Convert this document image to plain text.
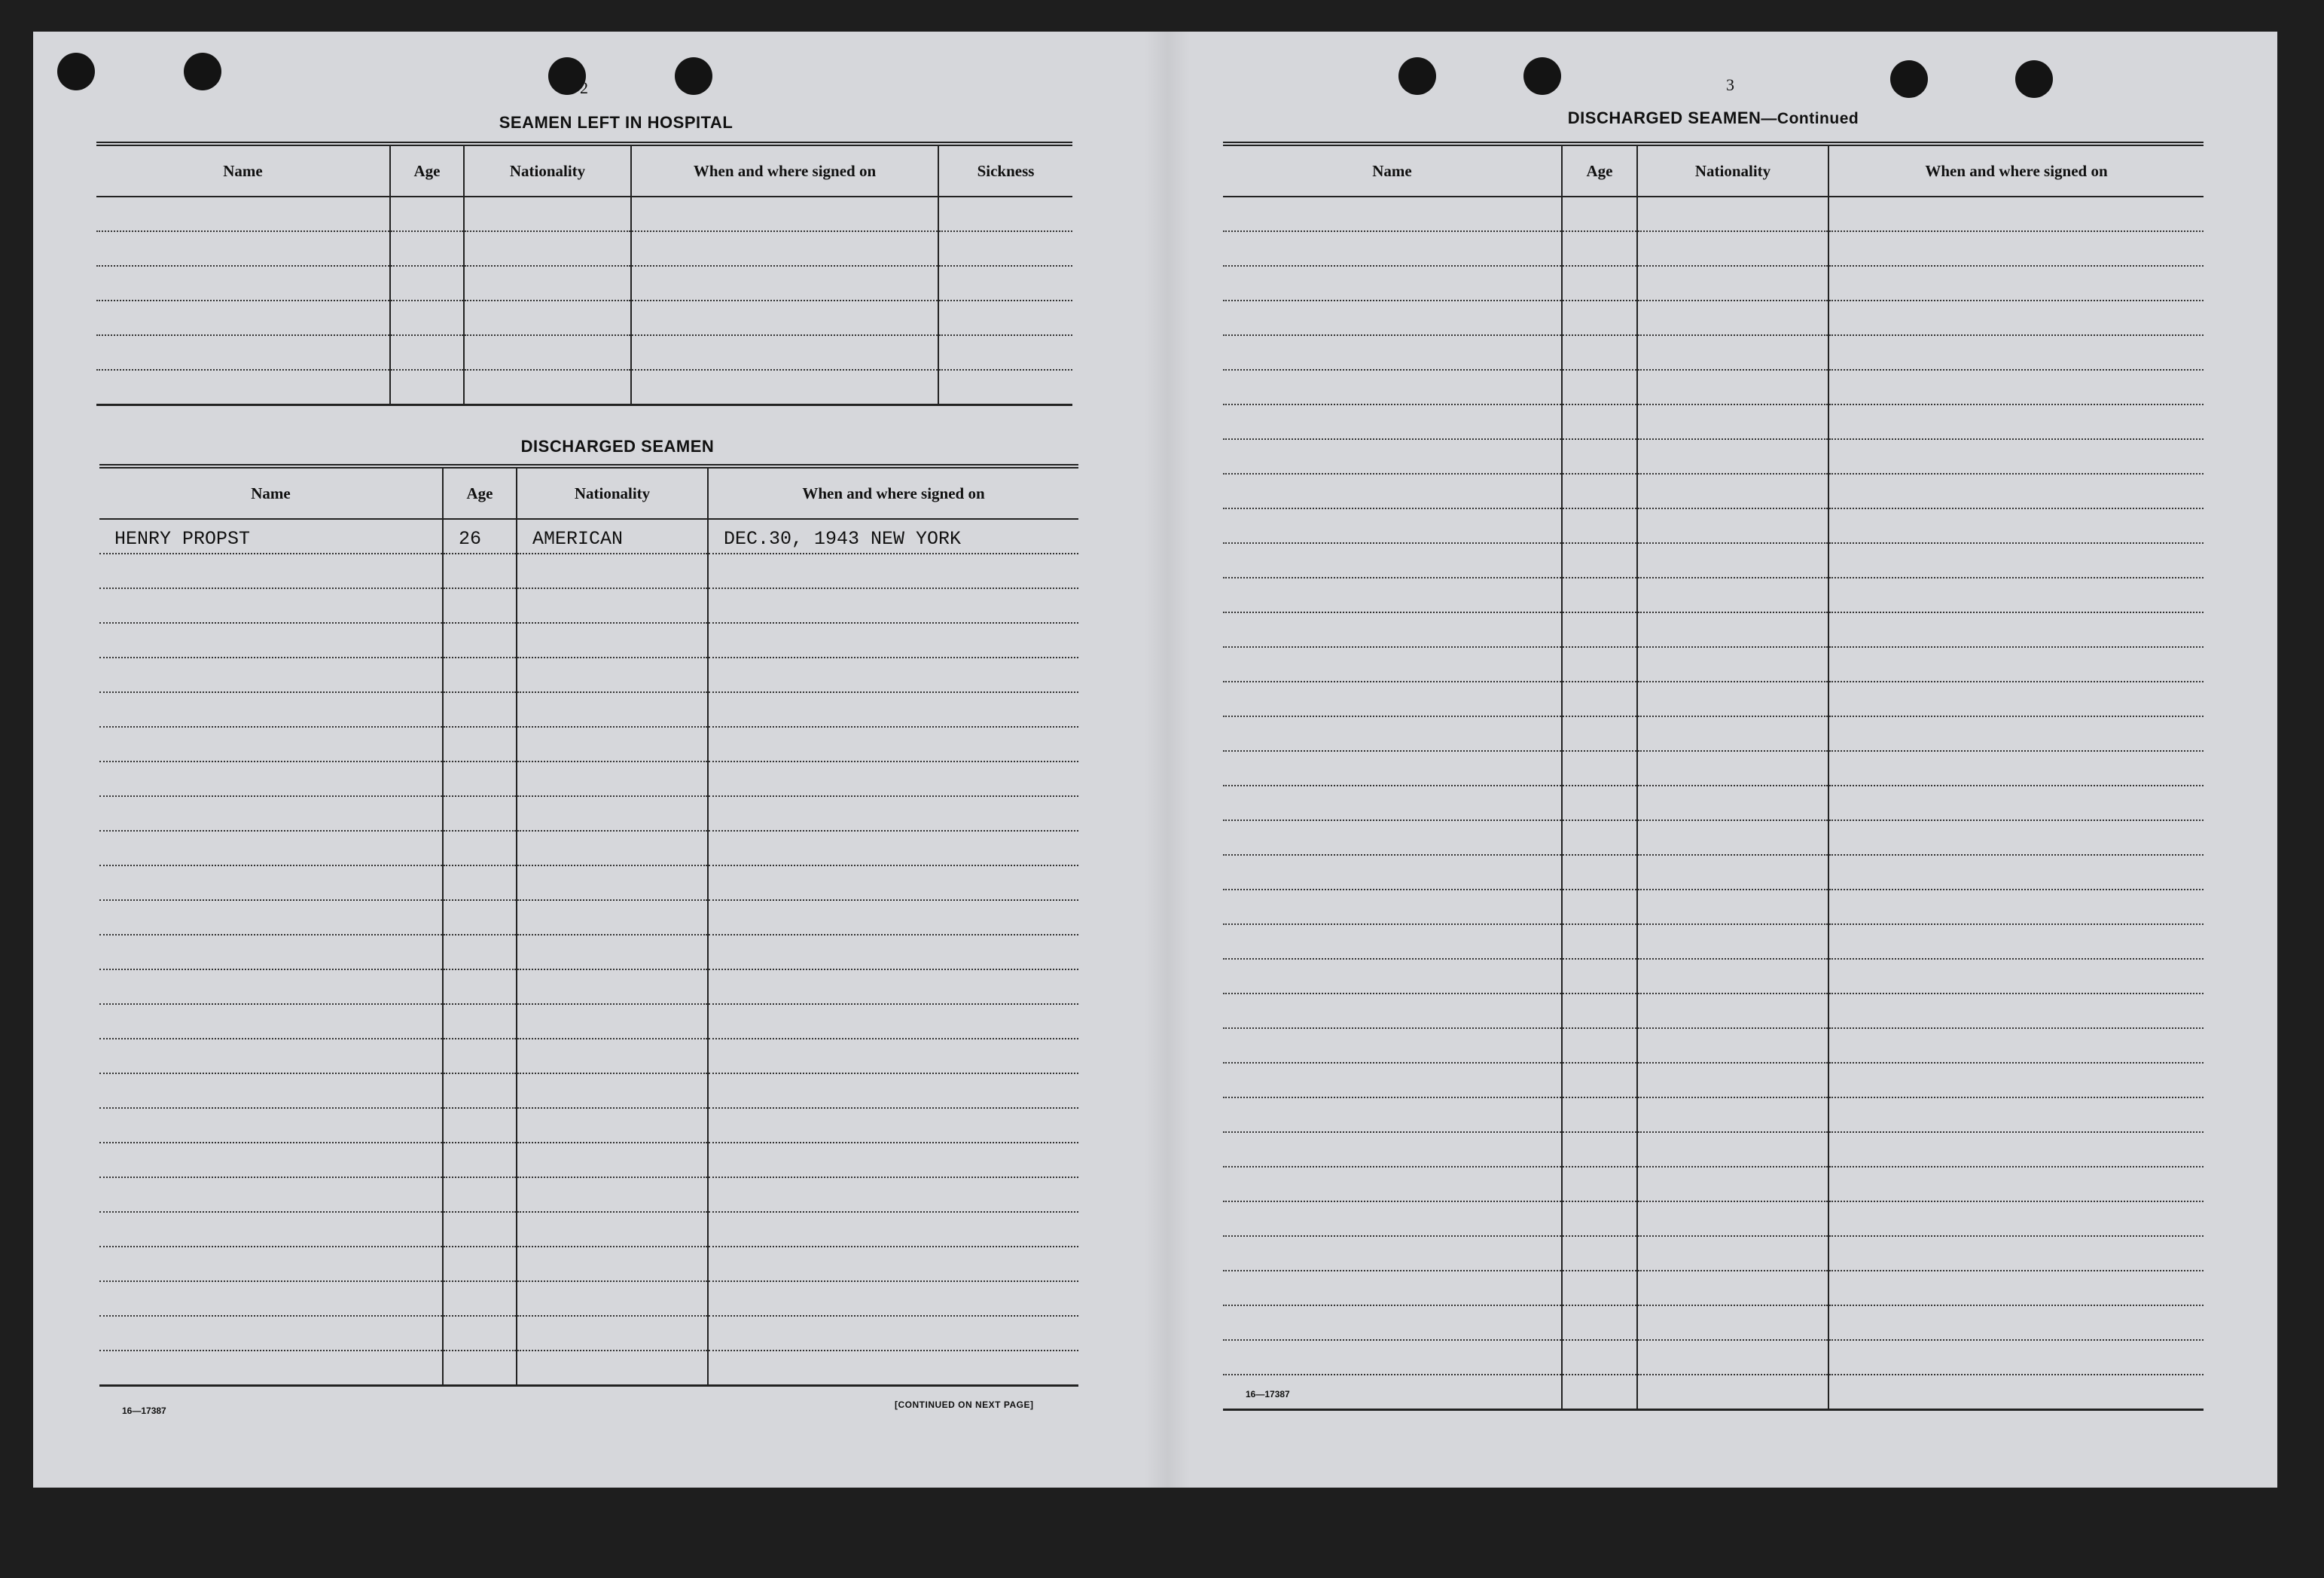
2
SEAMEN LEFT IN HOSPITAL
Name	Age	Nationality	When and where signed on	Sickness

DISCHARGED SEAMEN
Name	Age	Nationality	When and where signed on
HENRY PROPST	26	AMERICAN	DEC.30, 1943 NEW YORK

16—17387
[CONTINUED ON NEXT PAGE]
3
DISCHARGED SEAMEN—Continued
Name	Age	Nationality	When and where signed on

16—17387
